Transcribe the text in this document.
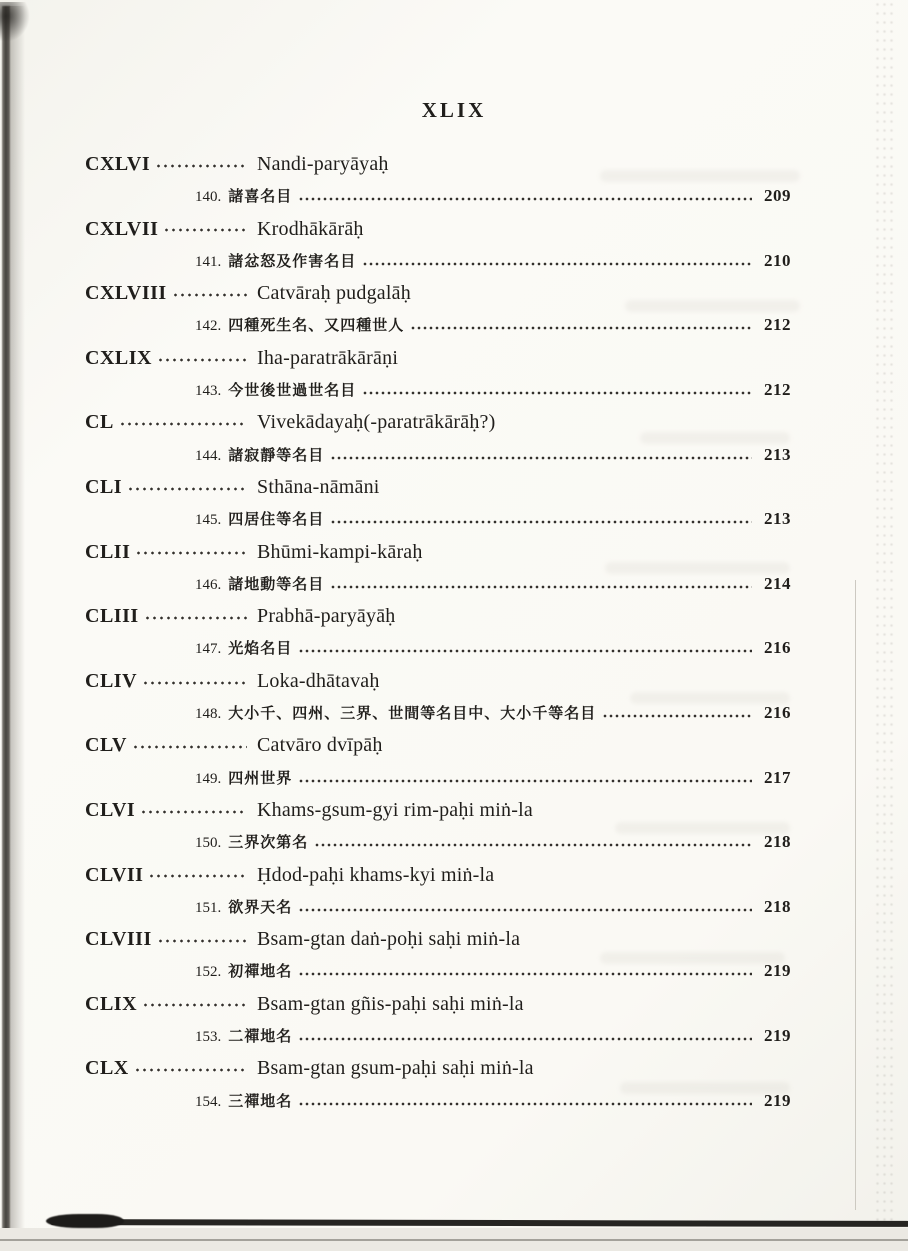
XLIX
CXLVI	Nandi-paryāyaḥ
140. 諸喜名目	209
CXLVII	Krodhākārāḥ
141. 諸忿怒及作害名目	210
CXLVIII	Catvāraḥ pudgalāḥ
142. 四種死生名、又四種世人	212
CXLIX	Iha-paratrākārāṇi
143. 今世後世過世名目	212
CL	Vivekādayaḥ(-paratrākārāḥ?)
144. 諸寂靜等名目	213
CLI	Sthāna-nāmāni
145. 四居住等名目	213
CLII	Bhūmi-kampi-kāraḥ
146. 諸地動等名目	214
CLIII	Prabhā-paryāyāḥ
147. 光焰名目	216
CLIV	Loka-dhātavaḥ
148. 大小千、四州、三界、世間等名目中、大小千等名目	216
CLV	Catvāro dvīpāḥ
149. 四州世界	217
CLVI	Khams-gsum-gyi rim-paḥi miṅ-la
150. 三界次第名	218
CLVII	Ḥdod-paḥi khams-kyi miṅ-la
151. 欲界天名	218
CLVIII	Bsam-gtan daṅ-poḥi saḥi miṅ-la
152. 初禪地名	219
CLIX	Bsam-gtan gñis-paḥi saḥi miṅ-la
153. 二禪地名	219
CLX	Bsam-gtan gsum-paḥi saḥi miṅ-la
154. 三禪地名	219
